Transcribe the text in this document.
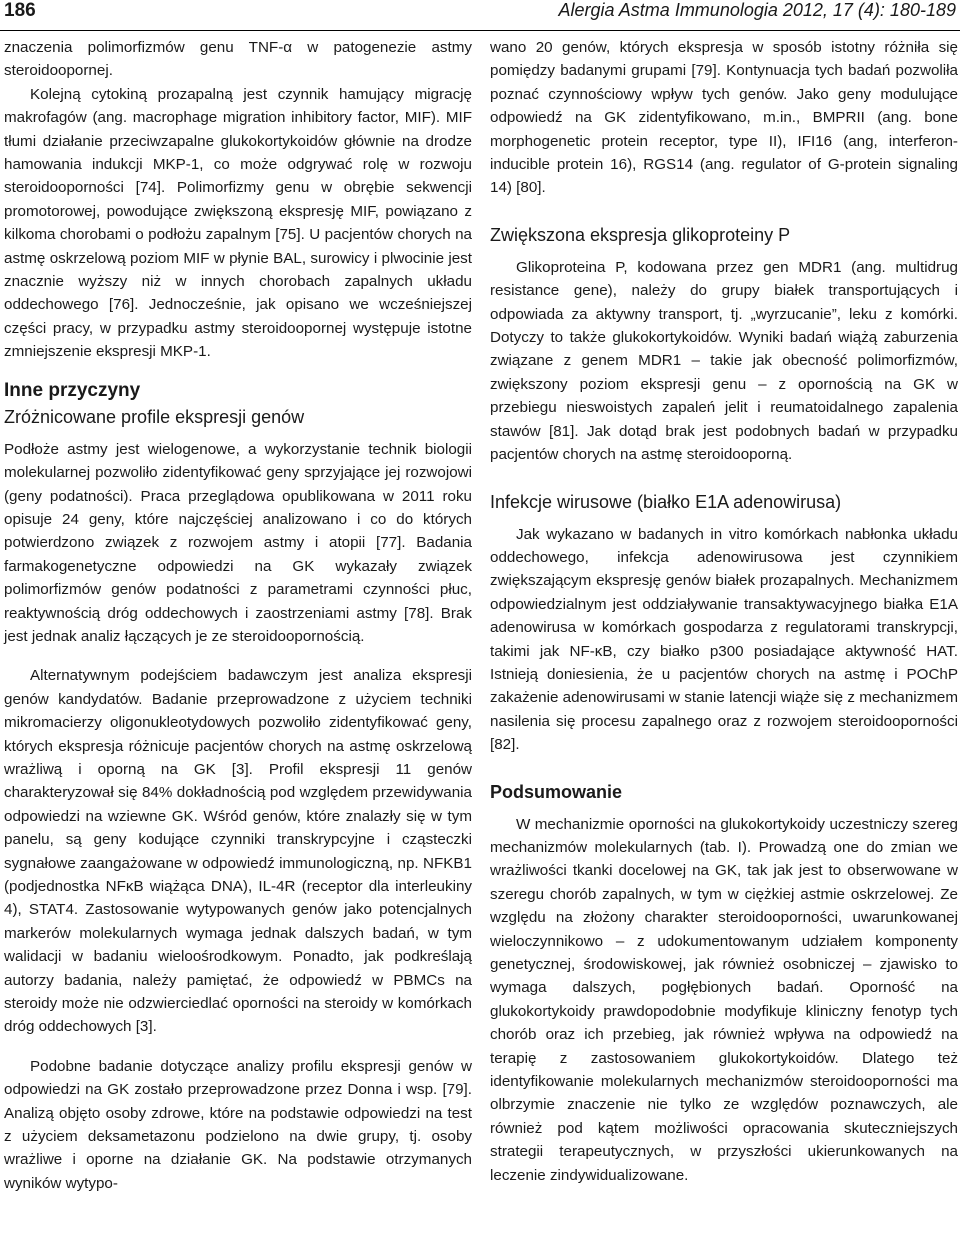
186	Alergia Astma Immunologia 2012, 17 (4): 180-189

znaczenia polimorfizmów genu TNF-α w patogenezie astmy steroidoopornej.

Kolejną cytokiną prozapalną jest czynnik hamujący migrację makrofagów (ang. macrophage migration inhibitory factor, MIF). MIF tłumi działanie przeciwzapalne glukokortykoidów głównie na drodze hamowania indukcji MKP-1, co może odgrywać rolę w rozwoju steroidooporności [74]. Polimorfizmy genu w obrębie sekwencji promotorowej, powodujące zwiększoną ekspresję MIF, powiązano z kilkoma chorobami o podłożu zapalnym [75]. U pacjentów chorych na astmę oskrzelową poziom MIF w płynie BAL, surowicy i plwocinie jest znacznie wyższy niż w innych chorobach zapalnych układu oddechowego [76]. Jednocześnie, jak opisano we wcześniejszej części pracy, w przypadku astmy steroidoopornej występuje istotne zmniejszenie ekspresji MKP-1.

Inne przyczyny
Zróżnicowane profile ekspresji genów

Podłoże astmy jest wielogenowe, a wykorzystanie technik biologii molekularnej pozwoliło zidentyfikować geny sprzyjające jej rozwojowi (geny podatności). Praca przeglądowa opublikowana w 2011 roku opisuje 24 geny, które najczęściej analizowano i co do których potwierdzono związek z rozwojem astmy i atopii [77]. Badania farmakogenetyczne odpowiedzi na GK wykazały związek polimorfizmów genów podatności z parametrami czynności płuc, reaktywnością dróg oddechowych i zaostrzeniami astmy [78]. Brak jest jednak analiz łączących je ze steroidoopornością.

Alternatywnym podejściem badawczym jest analiza ekspresji genów kandydatów. Badanie przeprowadzone z użyciem techniki mikromacierzy oligonukleotydowych pozwoliło zidentyfikować geny, których ekspresja różnicuje pacjentów chorych na astmę oskrzelową wrażliwą i oporną na GK [3]. Profil ekspresji 11 genów charakteryzował się 84% dokładnością pod względem przewidywania odpowiedzi na wziewne GK. Wśród genów, które znalazły się w tym panelu, są geny kodujące czynniki transkrypcyjne i cząsteczki sygnałowe zaangażowane w odpowiedź immunologiczną, np. NFKB1 (podjednostka NFκB wiążąca DNA), IL-4R (receptor dla interleukiny 4), STAT4. Zastosowanie wytypowanych genów jako potencjalnych markerów molekularnych wymaga jednak dalszych badań, w tym walidacji w badaniu wieloośrodkowym. Ponadto, jak podkreślają autorzy badania, należy pamiętać, że odpowiedź w PBMCs na steroidy może nie odzwierciedlać oporności na steroidy w komórkach dróg oddechowych [3].

Podobne badanie dotyczące analizy profilu ekspresji genów w odpowiedzi na GK zostało przeprowadzone przez Donna i wsp. [79]. Analizą objęto osoby zdrowe, które na podstawie odpowiedzi na test z użyciem deksametazonu podzielono na dwie grupy, tj. osoby wrażliwe i oporne na działanie GK. Na podstawie otrzymanych wyników wytypo-

wano 20 genów, których ekspresja w sposób istotny różniła się pomiędzy badanymi grupami [79]. Kontynuacja tych badań pozwoliła poznać czynnościowy wpływ tych genów. Jako geny modulujące odpowiedź na GK zidentyfikowano, m.in., BMPRII (ang. bone morphogenetic protein receptor, type II), IFI16 (ang, interferon-inducible protein 16), RGS14 (ang. regulator of G-protein signaling 14) [80].

Zwiększona ekspresja glikoproteiny P

Glikoproteina P, kodowana przez gen MDR1 (ang. multidrug resistance gene), należy do grupy białek transportujących i odpowiada za aktywny transport, tj. „wyrzucanie”, leku z komórki. Dotyczy to także glukokortykoidów. Wyniki badań wiążą zaburzenia związane z genem MDR1 – takie jak obecność polimorfizmów, zwiększony poziom ekspresji genu – z opornością na GK w przebiegu nieswoistych zapaleń jelit i reumatoidalnego zapalenia stawów [81]. Jak dotąd brak jest podobnych badań w przypadku pacjentów chorych na astmę steroidooporną.

Infekcje wirusowe (białko E1A adenowirusa)

Jak wykazano w badanych in vitro komórkach nabłonka układu oddechowego, infekcja adenowirusowa jest czynnikiem zwiększającym ekspresję genów białek prozapalnych. Mechanizmem odpowiedzialnym jest oddziaływanie transaktywacyjnego białka E1A adenowirusa w komórkach gospodarza z regulatorami transkrypcji, takimi jak NF-κB, czy białko p300 posiadające aktywność HAT. Istnieją doniesienia, że u pacjentów chorych na astmę i POChP zakażenie adenowirusami w stanie latencji wiąże się z mechanizmem nasilenia się procesu zapalnego oraz z rozwojem steroidooporności [82].

Podsumowanie

W mechanizmie oporności na glukokortykoidy uczestniczy szereg mechanizmów molekularnych (tab. I). Prowadzą one do zmian we wrażliwości tkanki docelowej na GK, tak jak jest to obserwowane w szeregu chorób zapalnych, w tym w ciężkiej astmie oskrzelowej. Ze względu na złożony charakter steroidooporności, uwarunkowanej wieloczynnikowo – z udokumentowanym udziałem komponenty genetycznej, środowiskowej, jak również osobniczej – zjawisko to wymaga dalszych, pogłębionych badań. Oporność na glukokortykoidy prawdopodobnie modyfikuje kliniczny fenotyp tych chorób oraz ich przebieg, jak również wpływa na odpowiedź na terapię z zastosowaniem glukokortykoidów. Dlatego też identyfikowanie molekularnych mechanizmów steroidooporności ma olbrzymie znaczenie nie tylko ze względów poznawczych, ale również pod kątem możliwości opracowania skuteczniejszych strategii terapeutycznych, w przyszłości ukierunkowanych na leczenie zindywidualizowane.
